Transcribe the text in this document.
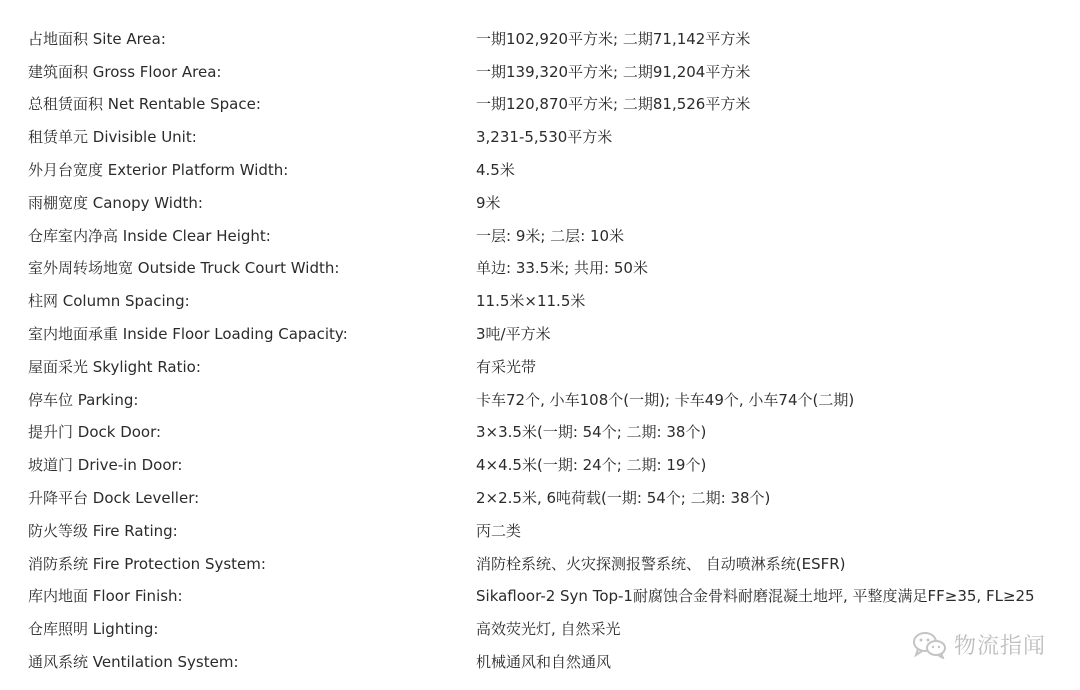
占地面积 Site Area:	一期102,920平方米; 二期71,142平方米
建筑面积 Gross Floor Area:	一期139,320平方米; 二期91,204平方米
总租赁面积 Net Rentable Space:	一期120,870平方米; 二期81,526平方米
租赁单元 Divisible Unit:	3,231-5,530平方米
外月台宽度 Exterior Platform Width:	4.5米
雨棚宽度 Canopy Width:	9米
仓库室内净高 Inside Clear Height:	一层: 9米; 二层: 10米
室外周转场地宽 Outside Truck Court Width:	单边: 33.5米; 共用: 50米
柱网 Column Spacing:	11.5米×11.5米
室内地面承重 Inside Floor Loading Capacity:	3吨/平方米
屋面采光 Skylight Ratio:	有采光带
停车位 Parking:	卡车72个, 小车108个(一期); 卡车49个, 小车74个(二期)
提升门 Dock Door:	3×3.5米(一期: 54个; 二期: 38个)
坡道门 Drive-in Door:	4×4.5米(一期: 24个; 二期: 19个)
升降平台 Dock Leveller:	2×2.5米, 6吨荷载(一期: 54个; 二期: 38个)
防火等级 Fire Rating:	丙二类
消防系统 Fire Protection System:	消防栓系统、火灾探测报警系统、 自动喷淋系统(ESFR)
库内地面 Floor Finish:	Sikafloor-2 Syn Top-1耐腐蚀合金骨料耐磨混凝土地坪, 平整度满足FF≥35, FL≥25
仓库照明 Lighting:	高效荧光灯, 自然采光
通风系统 Ventilation System:	机械通风和自然通风
物流指闻
